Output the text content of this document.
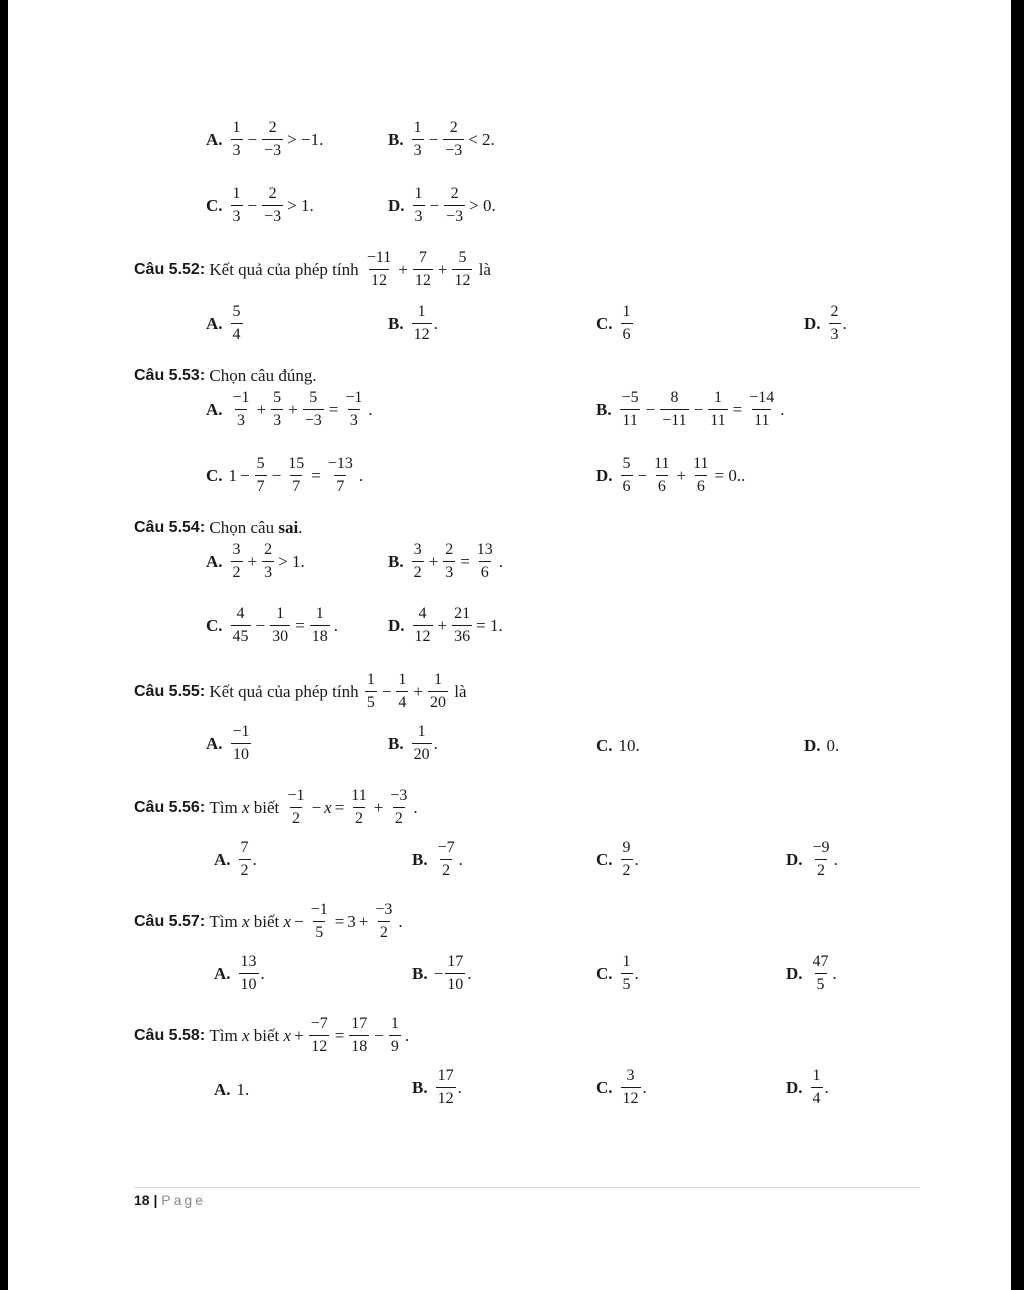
A. $\frac{1}{3} - \frac{2}{-3} > -1$.	B. $\frac{1}{3} - \frac{2}{-3} < 2$.
C. $\frac{1}{3} - \frac{2}{-3} > 1$.	D. $\frac{1}{3} - \frac{2}{-3} > 0$.
Câu 5.52:
Kết quả của phép tính
$\frac{-11}{12} + \frac{7}{12} + \frac{5}{12}$
là
A. $\frac{5}{4}$	B. $\frac{1}{12}$ .	C. $\frac{1}{6}$	D. $\frac{2}{3}$ .
Câu 5.53:
Chọn câu đúng.
A. $\frac{-1}{3} + \frac{5}{3} + \frac{5}{-3} = \frac{-1}{3}$ .	B. $\frac{-5}{11} - \frac{8}{-11} - \frac{1}{11} = \frac{-14}{11}$ .
C. $1 - \frac{5}{7} - \frac{15}{7} = \frac{-13}{7}$ .	D. $\frac{5}{6} - \frac{11}{6} + \frac{11}{6} = 0$..
Câu 5.54:
Chọn câu
sai .
A. $\frac{3}{2} + \frac{2}{3} > 1$.	B. $\frac{3}{2} + \frac{2}{3} = \frac{13}{6}$ .
C. $\frac{4}{45} - \frac{1}{30} = \frac{1}{18}$ .	D. $\frac{4}{12} + \frac{21}{36} = 1$.
Câu 5.55:
Kết quả của phép tính
$\frac{1}{5} - \frac{1}{4} + \frac{1}{20}$
là
A. $\frac{-1}{10}$	B. $\frac{1}{20}$ .	C. 10.	D. 0.
Câu 5.56:
Tìm
x
biết
$\frac{-1}{2} - x = \frac{11}{2} + \frac{-3}{2}$ .
A. $\frac{7}{2}$ .	B. $\frac{-7}{2}$ .	C. $\frac{9}{2}$ .	D. $\frac{-9}{2}$ .
Câu 5.57:
Tìm
x
biết
$x - \frac{-1}{5} = 3 + \frac{-3}{2}$ .
A. $\frac{13}{10}$ .	B. − $\frac{17}{10}$ .	C. $\frac{1}{5}$ .	D. $\frac{47}{5}$ .
Câu 5.58:
Tìm
x
biết
$x + \frac{-7}{12} = \frac{17}{18} - \frac{1}{9}$ .
A. 1.	B. $\frac{17}{12}$ .	C. $\frac{3}{12}$ .	D. $\frac{1}{4}$ .
18 | Page
